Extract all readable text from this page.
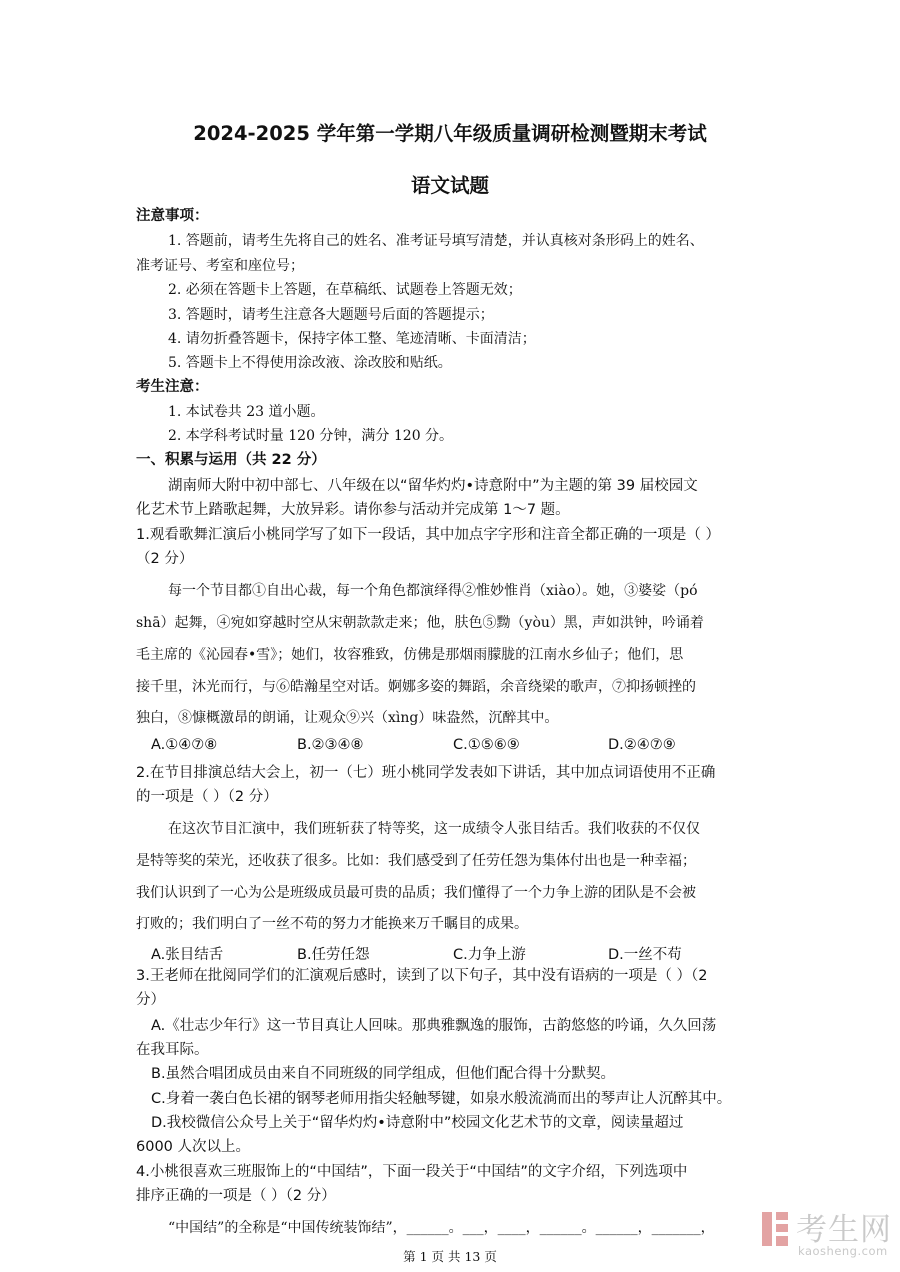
2024-2025 学年第一学期八年级质量调研检测暨期末考试
语文试题
注意事项：
1. 答题前，请考生先将自己的姓名、准考证号填写清楚，并认真核对条形码上的姓名、
准考证号、考室和座位号；
2. 必须在答题卡上答题，在草稿纸、试题卷上答题无效；
3. 答题时，请考生注意各大题题号后面的答题提示；
4. 请勿折叠答题卡，保持字体工整、笔迹清晰、卡面清洁；
5. 答题卡上不得使用涂改液、涂改胶和贴纸。
考生注意：
1. 本试卷共 23 道小题。
2. 本学科考试时量 120 分钟，满分 120 分。
一、积累与运用（共 22 分）
湖南师大附中初中部七、八年级在以“留华灼灼•诗意附中”为主题的第 39 届校园文
化艺术节上踏歌起舞，大放异彩。请你参与活动并完成第 1～7 题。
1.观看歌舞汇演后小桃同学写了如下一段话，其中加点字字形和注音全都正确的一项是（ ）
（2 分）
每一个节目都①自出心裁，每一个角色都演绎得②惟妙惟肖（xiào）。她，③婆娑（pó
shā）起舞，④宛如穿越时空从宋朝款款走来；他，肤色⑤黝（yòu）黑，声如洪钟，吟诵着
毛主席的《沁园春•雪》；她们，妆容雅致，仿佛是那烟雨朦胧的江南水乡仙子；他们，思
接千里，沐光而行，与⑥皓瀚星空对话。婀娜多姿的舞蹈，余音绕梁的歌声，⑦抑扬顿挫的
独白，⑧慷概激昂的朗诵，让观众⑨兴（xìng）味盎然，沉醉其中。
A.①④⑦⑧	B.②③④⑧	C.①⑤⑥⑨	D.②④⑦⑨
2.在节目排演总结大会上，初一（七）班小桃同学发表如下讲话，其中加点词语使用不正确
的一项是（ ）（2 分）
在这次节目汇演中，我们班斩获了特等奖，这一成绩令人张目结舌。我们收获的不仅仅
是特等奖的荣光，还收获了很多。比如：我们感受到了任劳任怨为集体付出也是一种幸福；
我们认识到了一心为公是班级成员最可贵的品质；我们懂得了一个力争上游的团队是不会被
打败的；我们明白了一丝不苟的努力才能换来万千瞩目的成果。
A.张目结舌	B.任劳任怨	C.力争上游	D.一丝不苟
3.王老师在批阅同学们的汇演观后感时，读到了以下句子，其中没有语病的一项是（ ）（2
分）
A.《壮志少年行》这一节目真让人回味。那典雅飘逸的服饰，古韵悠悠的吟诵，久久回荡
在我耳际。
B.虽然合唱团成员由来自不同班级的同学组成，但他们配合得十分默契。
C.身着一袭白色长裙的钢琴老师用指尖轻触琴键，如泉水般流淌而出的琴声让人沉醉其中。
D.我校微信公众号上关于“留华灼灼•诗意附中”校园文化艺术节的文章，阅读量超过
6000 人次以上。
4.小桃很喜欢三班服饰上的“中国结”，下面一段关于“中国结”的文字介绍，下列选项中
排序正确的一项是（ ）（2 分）
“中国结”的全称是“中国传统装饰结”，______。___，____，______。______，_______，
第 1 页 共 13 页
考生网
kaosheng.com
